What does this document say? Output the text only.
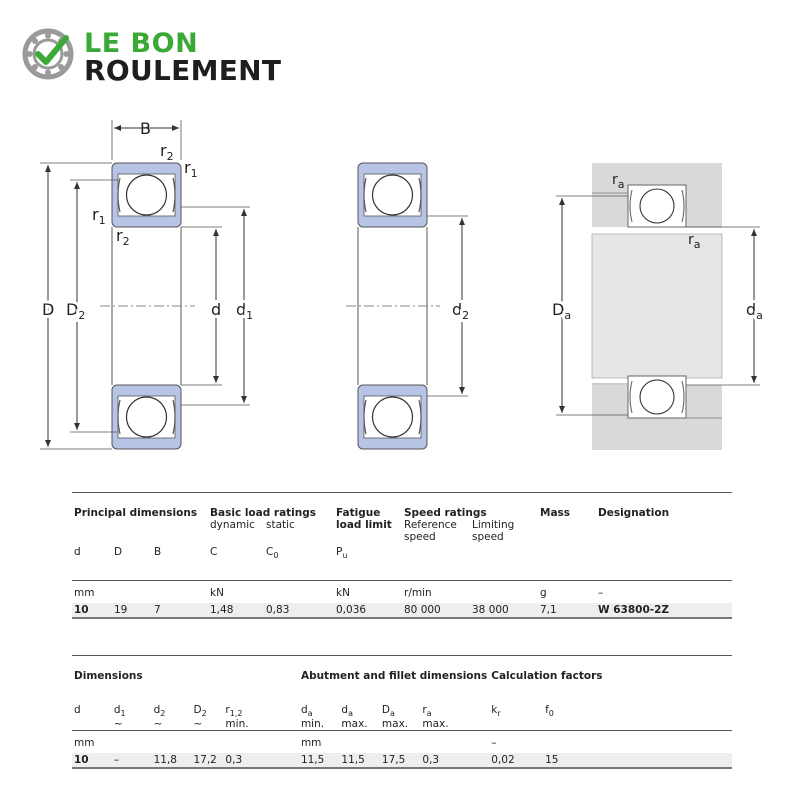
LE BON
ROULEMENT
B
$r_2$
$r_1$
$r_1$
$r_2$
D $D_2$	d $d_1$	$d_2$	$D_a$	$d_a$
$r_a$
$r_a$
Principal dimensions			Basic load ratings		Fatigue	Speed ratings		Mass	Designation
			dynamic	static	load limit	Reference	Limiting		
						speed	speed		
d	D	B	C	$C_0$	$P_u$				
mm			kN		kN	r/min		g	–
10	19	7	1,48	0,83	0,036	80 000	38 000	7,1	W 63800-2Z
Dimensions					Abutment and fillet dimensions				Calculation factors	
d	$d_1$	$d_2$	$D_2$	$r_{1,2}$	$d_a$	$d_a$	$D_a$	$r_a$	$k_r$	$f_0$
	~	~	~	min.	min.	max.	max.	max.		
mm					mm				–	
10	–	11,8	17,2	0,3	11,5	11,5	17,5	0,3	0,02	15
